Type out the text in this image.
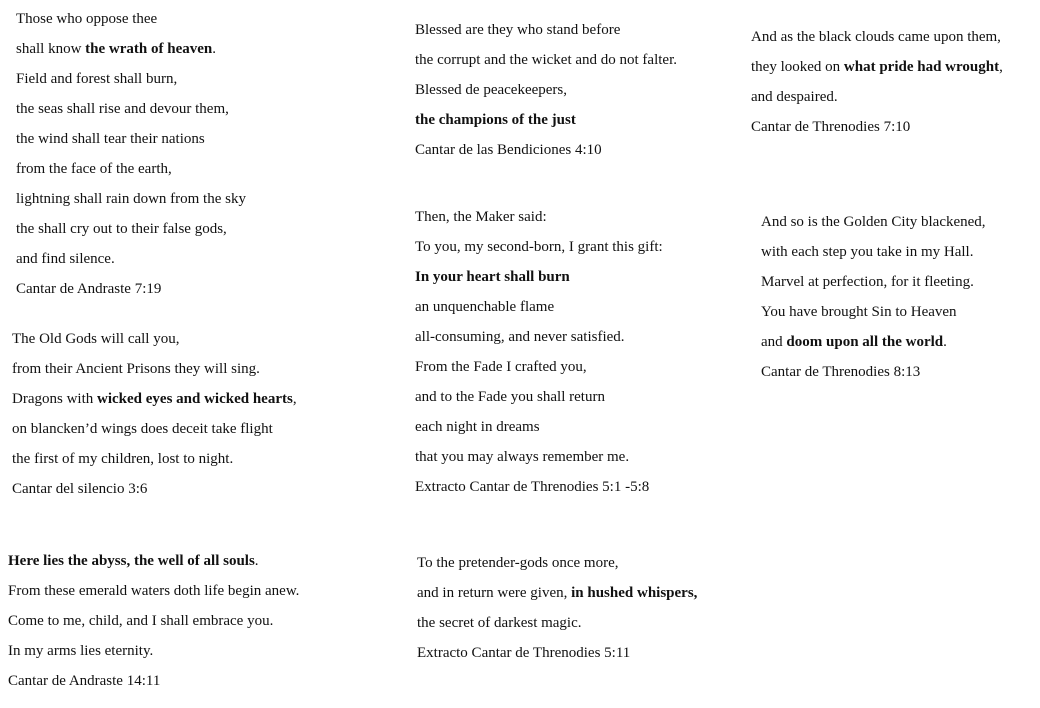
Those who oppose thee
shall know the wrath of heaven.
Field and forest shall burn,
the seas shall rise and devour them,
the wind shall tear their nations
from the face of the earth,
lightning shall rain down from the sky
the shall cry out to their false gods,
and find silence.
Cantar de Andraste 7:19
The Old Gods will call you,
from their Ancient Prisons they will sing.
Dragons with wicked eyes and wicked hearts,
on blancken’d wings does deceit take flight
the first of my children, lost to night.
Cantar del silencio 3:6
Here lies the abyss, the well of all souls.
From these emerald waters doth life begin anew.
Come to me, child, and I shall embrace you.
In my arms lies eternity.
Cantar de Andraste 14:11
Blessed are they who stand before
the corrupt and the wicket and do not falter.
Blessed de peacekeepers,
the champions of the just
Cantar de las Bendiciones 4:10
Then, the Maker said:
To you, my second-born, I grant this gift:
In your heart shall burn
an unquenchable flame
all-consuming, and never satisfied.
From the Fade I crafted you,
and to the Fade you shall return
each night in dreams
that you may always remember me.
Extracto Cantar de Threnodies 5:1 -5:8
To the pretender-gods once more,
and in return were given, in hushed whispers,
the secret of darkest magic.
Extracto Cantar de Threnodies 5:11
And as the black clouds came upon them,
they looked on what pride had wrought,
and despaired.
Cantar de Threnodies 7:10
And so is the Golden City blackened,
with each step you take in my Hall.
Marvel at perfection, for it fleeting.
You have brought Sin to Heaven
and doom upon all the world.
Cantar de Threnodies 8:13
